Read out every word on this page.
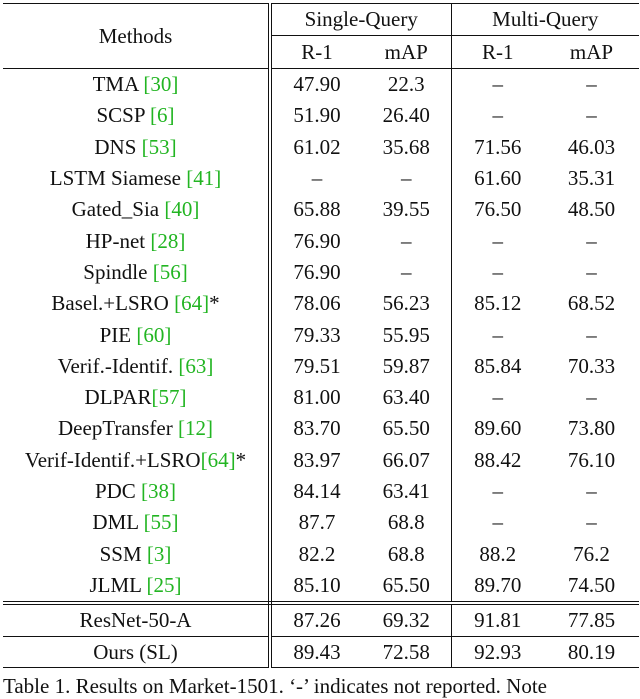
Methods	Single-Query		Multi-Query	
	R-1	mAP	R-1	mAP
TMA [30]	47.90	22.3	–	–
SCSP [6]	51.90	26.40	–	–
DNS [53]	61.02	35.68	71.56	46.03
LSTM Siamese [41]	–	–	61.60	35.31
Gated_Sia [40]	65.88	39.55	76.50	48.50
HP-net [28]	76.90	–	–	–
Spindle [56]	76.90	–	–	–
Basel.+LSRO [64]*	78.06	56.23	85.12	68.52
PIE [60]	79.33	55.95	–	–
Verif.-Identif. [63]	79.51	59.87	85.84	70.33
DLPAR[57]	81.00	63.40	–	–
DeepTransfer [12]	83.70	65.50	89.60	73.80
Verif-Identif.+LSRO[64]*	83.97	66.07	88.42	76.10
PDC [38]	84.14	63.41	–	–
DML [55]	87.7	68.8	–	–
SSM [3]	82.2	68.8	88.2	76.2
JLML [25]	85.10	65.50	89.70	74.50
ResNet-50-A	87.26	69.32	91.81	77.85
Ours (SL)	89.43	72.58	92.93	80.19
Table 1. Results on Market-1501. ‘-’ indicates not reported. Note
